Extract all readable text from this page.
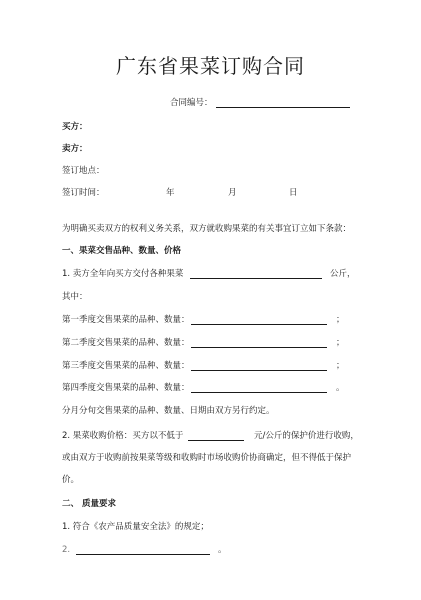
广东省果菜订购合同
合同编号：
买方：
卖方：
签订地点：
签订时间：	年	月	日
为明确买卖双方的权利义务关系，双方就收购果菜的有关事宜订立如下条款：
一、果菜交售品种、数量、价格
1. 卖方全年向买方交付各种果菜	公斤，
其中：
第一季度交售果菜的品种、数量：	；
第二季度交售果菜的品种、数量：	；
第三季度交售果菜的品种、数量：	；
第四季度交售果菜的品种、数量：	。
分月分旬交售果菜的品种、数量、日期由双方另行约定。
2. 果菜收购价格：买方以不低于	元/公斤的保护价进行收购，
或由双方于收购前按果菜等级和收购时市场收购价协商确定，但不得低于保护
价。
二、 质量要求
1. 符合《农产品质量安全法》的规定；
2.	。
